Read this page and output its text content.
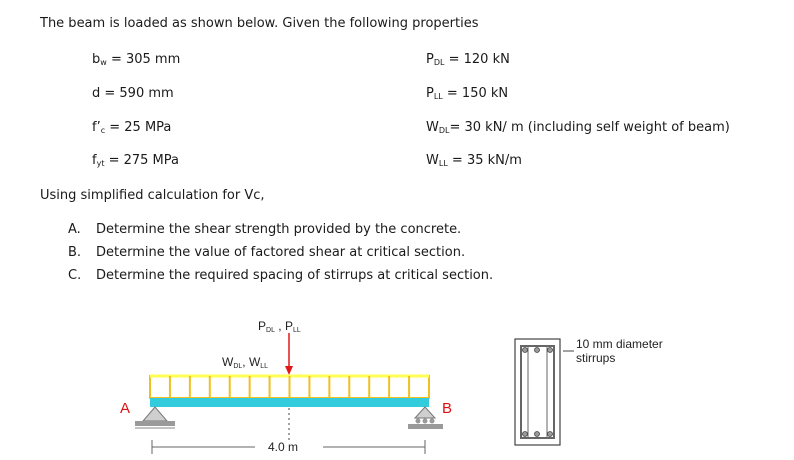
The beam is loaded as shown below. Given the following properties
$b_w = 305$ mm
d = 590 mm
$f’_c = 25$ MPa
$f_{yt} = 275$ MPa
$P_{DL} = 120$ kN
$P_{LL} = 150$ kN
$W_{DL}= 30$ kN/ m (including self weight of beam)
$W_{LL} = 35$ kN/m
Using simplified calculation for Vc,
A. Determine the shear strength provided by the concrete.
B. Determine the value of factored shear at critical section.
C. Determine the required spacing of stirrups at critical section.
PDL , PLL
WDL, WLL
A	B
4.0 m
10 mm diameter
stirrups
